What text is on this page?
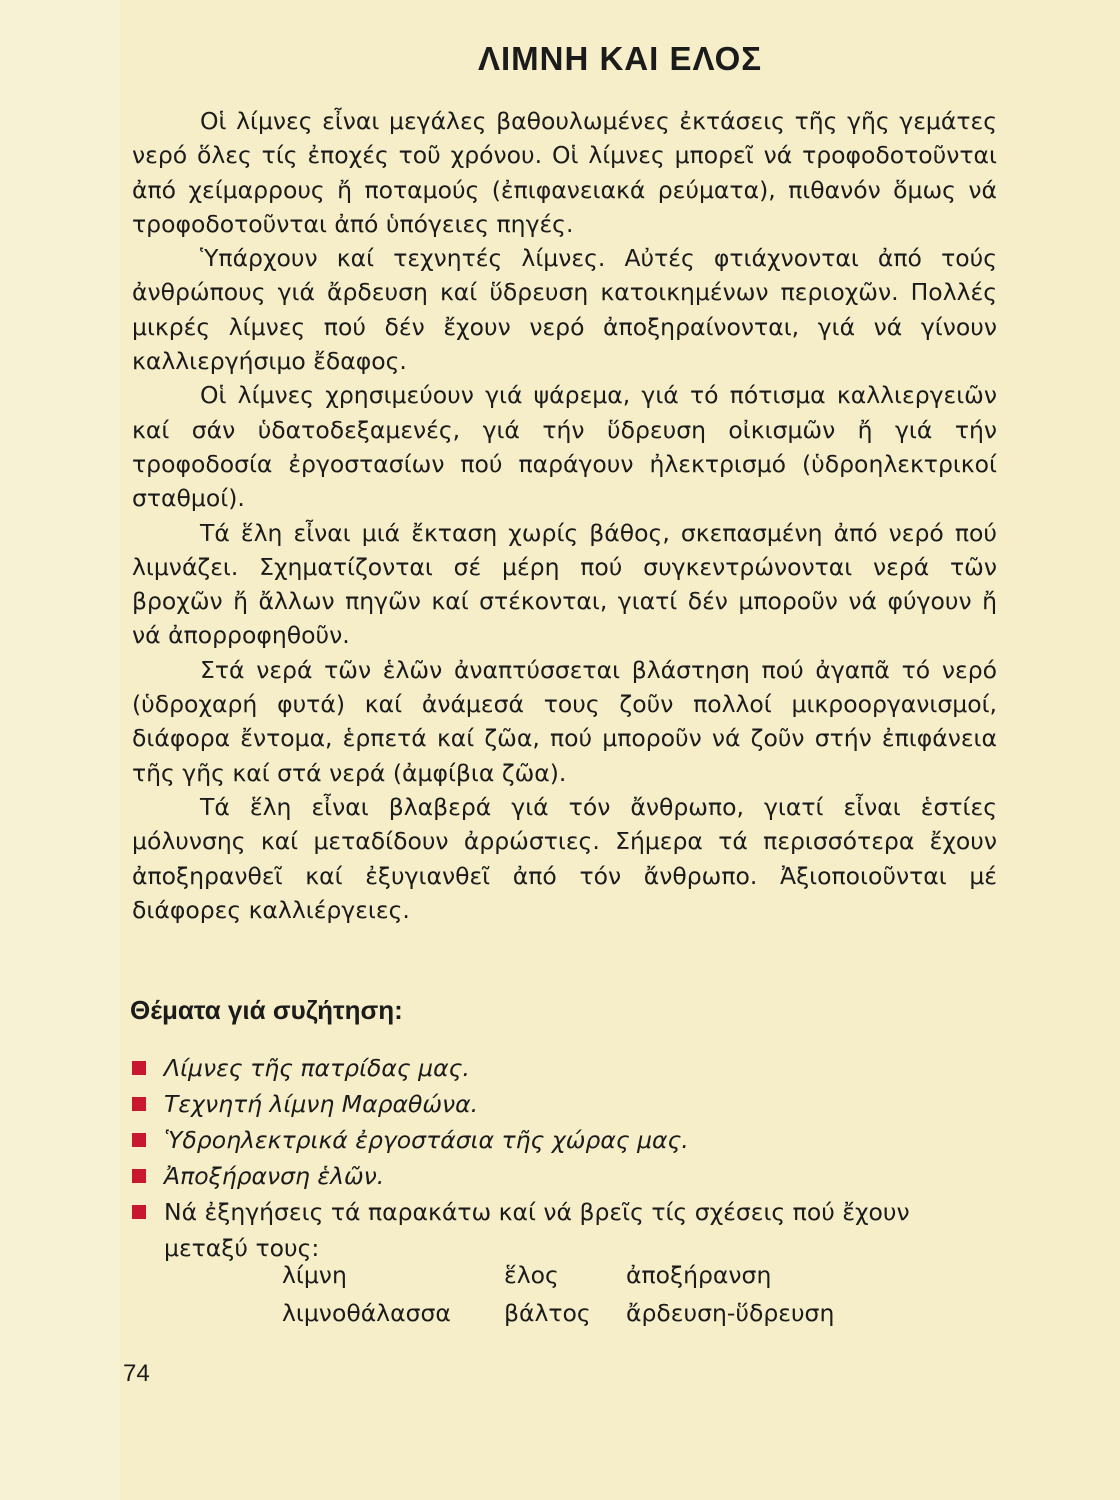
ΛΙΜΝΗ ΚΑΙ ΕΛΟΣ

Οἱ λίμνες εἶναι μεγάλες βαθουλωμένες ἐκτάσεις τῆς γῆς γεμάτες νερό ὅλες τίς ἐποχές τοῦ χρόνου. Οἱ λίμνες μπορεῖ νά τροφοδοτοῦνται ἀπό χείμαρρους ἤ ποταμούς (ἐπιφανειακά ρεύματα), πιθανόν ὅμως νά τροφοδοτοῦνται ἀπό ὑπόγειες πηγές.

Ὑπάρχουν καί τεχνητές λίμνες. Αὐτές φτιάχνονται ἀπό τούς ἀνθρώπους γιά ἄρδευση καί ὕδρευση κατοικημένων περιοχῶν. Πολλές μικρές λίμνες πού δέν ἔχουν νερό ἀποξηραίνονται, γιά νά γίνουν καλλιεργήσιμο ἔδαφος.

Οἱ λίμνες χρησιμεύουν γιά ψάρεμα, γιά τό πότισμα καλλιεργειῶν καί σάν ὑδατοδεξαμενές, γιά τήν ὕδρευση οἰκισμῶν ἤ γιά τήν τροφοδοσία ἐργοστασίων πού παράγουν ἠλεκτρισμό (ὑδροηλεκτρικοί σταθμοί).

Τά ἕλη εἶναι μιά ἔκταση χωρίς βάθος, σκεπασμένη ἀπό νερό πού λιμνάζει. Σχηματίζονται σέ μέρη πού συγκεντρώνονται νερά τῶν βροχῶν ἤ ἄλλων πηγῶν καί στέκονται, γιατί δέν μποροῦν νά φύγουν ἤ νά ἀπορροφηθοῦν.

Στά νερά τῶν ἑλῶν ἀναπτύσσεται βλάστηση πού ἀγαπᾶ τό νερό (ὑδροχαρή φυτά) καί ἀνάμεσά τους ζοῦν πολλοί μικροοργανισμοί, διάφορα ἔντομα, ἑρπετά καί ζῶα, πού μποροῦν νά ζοῦν στήν ἐπιφάνεια τῆς γῆς καί στά νερά (ἀμφίβια ζῶα).

Τά ἕλη εἶναι βλαβερά γιά τόν ἄνθρωπο, γιατί εἶναι ἑστίες μόλυνσης καί μεταδίδουν ἀρρώστιες. Σήμερα τά περισσότερα ἔχουν ἀποξηρανθεῖ καί ἐξυγιανθεῖ ἀπό τόν ἄνθρωπο. Ἀξιοποιοῦνται μέ διάφορες καλλιέργειες.

Θέματα γιά συζήτηση:
Λίμνες τῆς πατρίδας μας.
Τεχνητή λίμνη Μαραθώνα.
Ὑδροηλεκτρικά ἐργοστάσια τῆς χώρας μας.
Ἀποξήρανση ἑλῶν.
Νά ἐξηγήσεις τά παρακάτω καί νά βρεῖς τίς σχέσεις πού ἔχουν μεταξύ τους:
λίμνη	ἕλος	ἀποξήρανση
λιμνοθάλασσα	βάλτος	ἄρδευση-ὕδρευση
74
